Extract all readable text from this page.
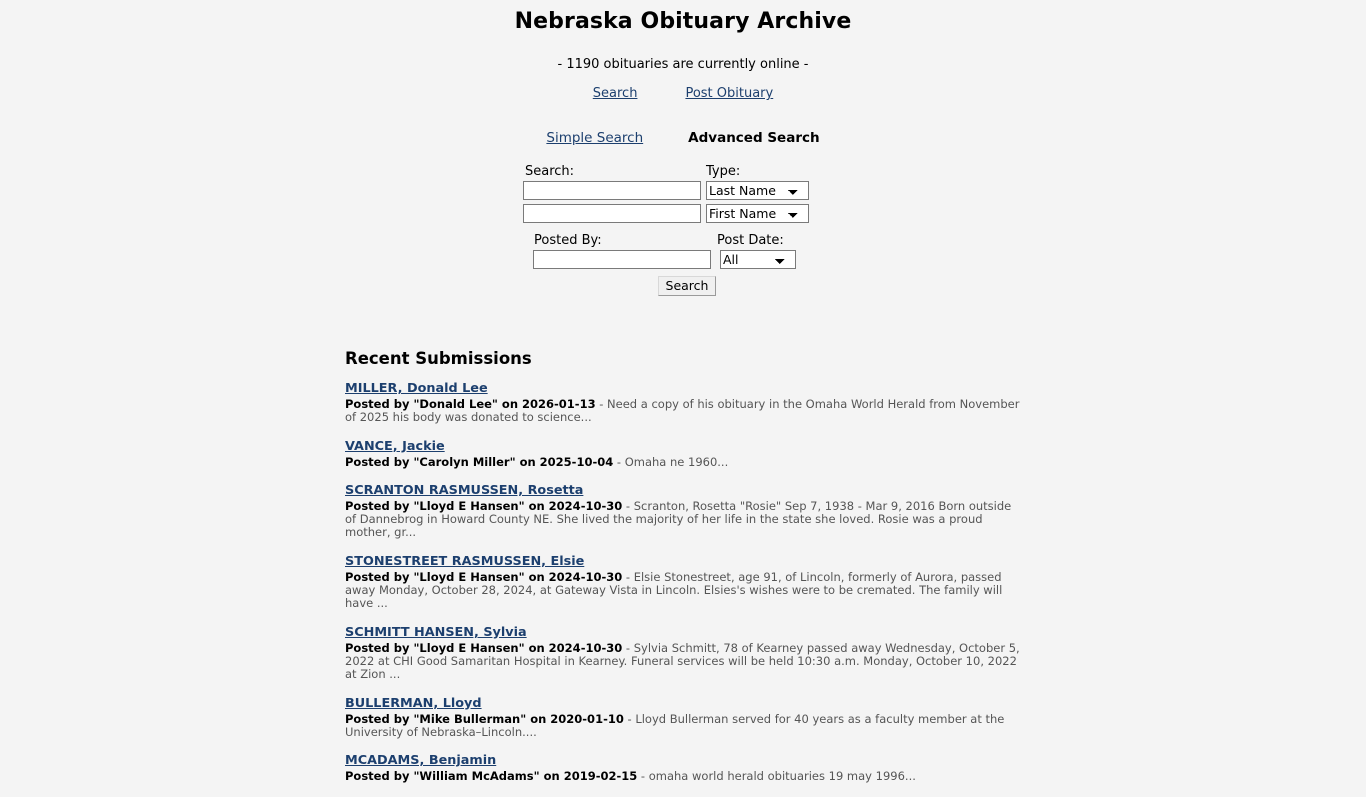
Nebraska Obituary Archive
- 1190 obituaries are currently online -
Search	Post Obituary
Simple Search	Advanced Search
Search:	Type:
Last Name
First Name
Posted By:	Post Date:
All
Search
Recent Submissions
MILLER, Donald Lee
Posted by "Donald Lee" on 2026-01-13 - Need a copy of his obituary in the Omaha World Herald from November of 2025 his body was donated to science...
VANCE, Jackie
Posted by "Carolyn Miller" on 2025-10-04 - Omaha ne 1960...
SCRANTON RASMUSSEN, Rosetta
Posted by "Lloyd E Hansen" on 2024-10-30 - Scranton, Rosetta "Rosie" Sep 7, 1938 - Mar 9, 2016 Born outside of Dannebrog in Howard County NE. She lived the majority of her life in the state she loved. Rosie was a proud mother, gr...
STONESTREET RASMUSSEN, Elsie
Posted by "Lloyd E Hansen" on 2024-10-30 - Elsie Stonestreet, age 91, of Lincoln, formerly of Aurora, passed away Monday, October 28, 2024, at Gateway Vista in Lincoln. Elsies's wishes were to be cremated. The family will have ...
SCHMITT HANSEN, Sylvia
Posted by "Lloyd E Hansen" on 2024-10-30 - Sylvia Schmitt, 78 of Kearney passed away Wednesday, October 5, 2022 at CHI Good Samaritan Hospital in Kearney. Funeral services will be held 10:30 a.m. Monday, October 10, 2022 at Zion ...
BULLERMAN, Lloyd
Posted by "Mike Bullerman" on 2020-01-10 - Lloyd Bullerman served for 40 years as a faculty member at the University of Nebraska–Lincoln....
MCADAMS, Benjamin
Posted by "William McAdams" on 2019-02-15 - omaha world herald obituaries 19 may 1996...
